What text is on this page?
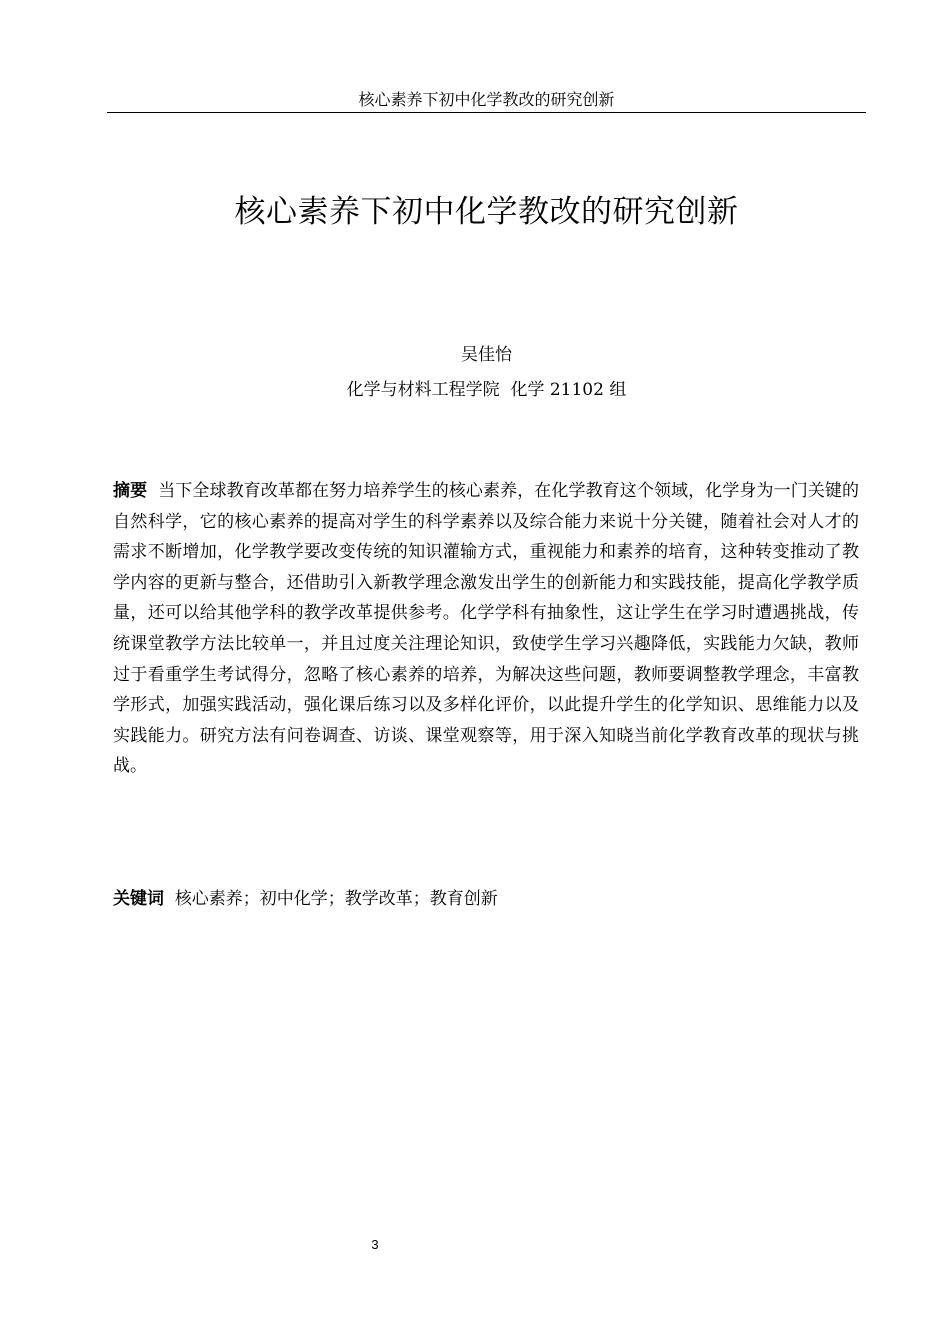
核心素养下初中化学教改的研究创新
核心素养下初中化学教改的研究创新
吴佳怡
化学与材料工程学院  化学 21102 组
摘要 当下全球教育改革都在努力培养学生的核心素养，在化学教育这个领域，化学身为一门关键的自然科学，它的核心素养的提高对学生的科学素养以及综合能力来说十分关键，随着社会对人才的需求不断增加，化学教学要改变传统的知识灌输方式，重视能力和素养的培育，这种转变推动了教学内容的更新与整合，还借助引入新教学理念激发出学生的创新能力和实践技能，提高化学教学质量，还可以给其他学科的教学改革提供参考。化学学科有抽象性，这让学生在学习时遭遇挑战，传统课堂教学方法比较单一，并且过度关注理论知识，致使学生学习兴趣降低，实践能力欠缺，教师过于看重学生考试得分，忽略了核心素养的培养，为解决这些问题，教师要调整教学理念，丰富教学形式，加强实践活动，强化课后练习以及多样化评价，以此提升学生的化学知识、思维能力以及实践能力。研究方法有问卷调查、访谈、课堂观察等，用于深入知晓当前化学教育改革的现状与挑战。
关键词 核心素养；初中化学；教学改革；教育创新
3
